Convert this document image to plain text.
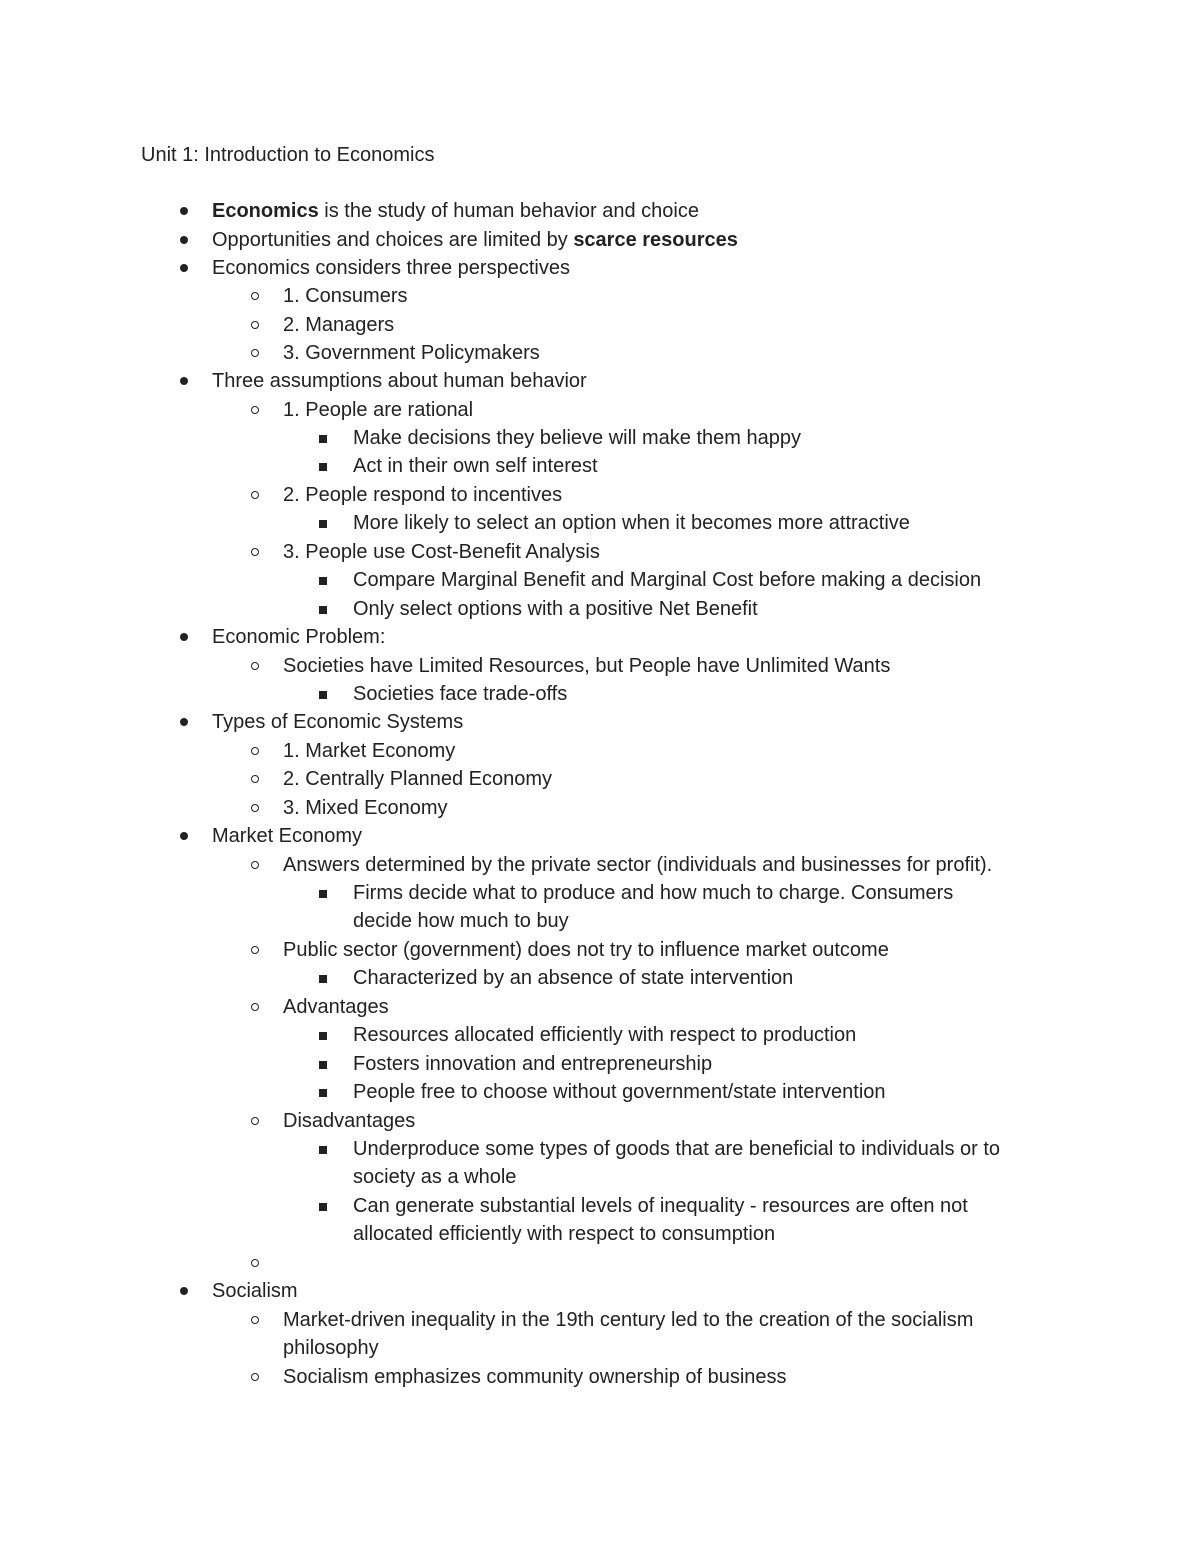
Unit 1: Introduction to Economics
Economics is the study of human behavior and choice
Opportunities and choices are limited by scarce resources
Economics considers three perspectives
1. Consumers
2. Managers
3. Government Policymakers
Three assumptions about human behavior
1. People are rational
Make decisions they believe will make them happy
Act in their own self interest
2. People respond to incentives
More likely to select an option when it becomes more attractive
3. People use Cost-Benefit Analysis
Compare Marginal Benefit and Marginal Cost before making a decision
Only select options with a positive Net Benefit
Economic Problem:
Societies have Limited Resources, but People have Unlimited Wants
Societies face trade-offs
Types of Economic Systems
1. Market Economy
2. Centrally Planned Economy
3. Mixed Economy
Market Economy
Answers determined by the private sector (individuals and businesses for profit).
Firms decide what to produce and how much to charge. Consumers decide how much to buy
Public sector (government) does not try to influence market outcome
Characterized by an absence of state intervention
Advantages
Resources allocated efficiently with respect to production
Fosters innovation and entrepreneurship
People free to choose without government/state intervention
Disadvantages
Underproduce some types of goods that are beneficial to individuals or to society as a whole
Can generate substantial levels of inequality - resources are often not allocated efficiently with respect to consumption
Socialism
Market-driven inequality in the 19th century led to the creation of the socialism philosophy
Socialism emphasizes community ownership of business
